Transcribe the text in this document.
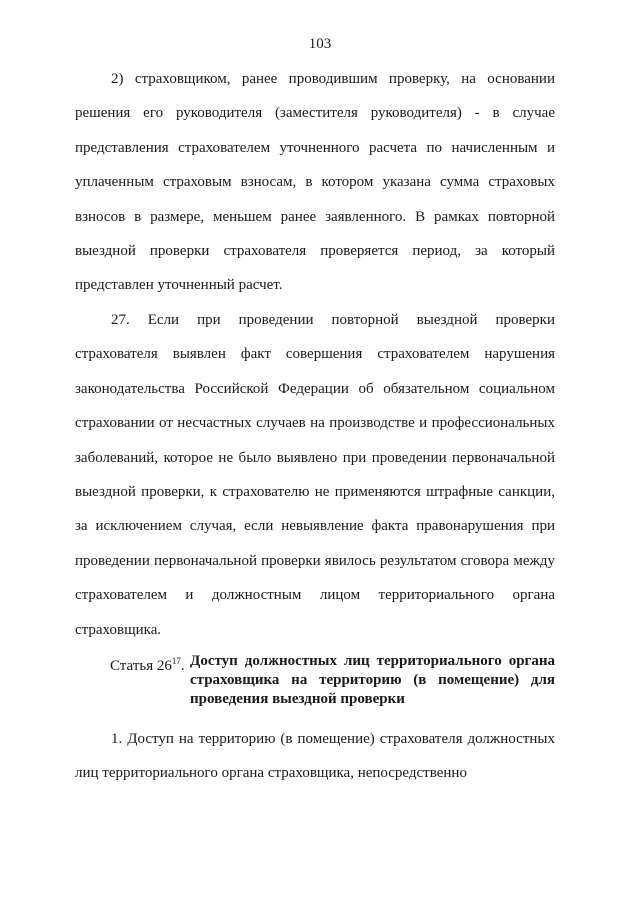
103

2) страховщиком, ранее проводившим проверку, на основании решения его руководителя (заместителя руководителя) - в случае представления страхователем уточненного расчета по начисленным и уплаченным страховым взносам, в котором указана сумма страховых взносов в размере, меньшем ранее заявленного. В рамках повторной выездной проверки страхователя проверяется период, за который представлен уточненный расчет.

27. Если при проведении повторной выездной проверки страхователя выявлен факт совершения страхователем нарушения законодательства Российской Федерации об обязательном социальном страховании от несчастных случаев на производстве и профессиональных заболеваний, которое не было выявлено при проведении первоначальной выездной проверки, к страхователю не применяются штрафные санкции, за исключением случая, если невыявление факта правонарушения при проведении первоначальной проверки явилось результатом сговора между страхователем и должностным лицом территориального органа страховщика.

Статья $26^{17}$. Доступ должностных лиц территориального органа страховщика на территорию (в помещение) для проведения выездной проверки

1. Доступ на территорию (в помещение) страхователя должностных лиц территориального органа страховщика, непосредственно
